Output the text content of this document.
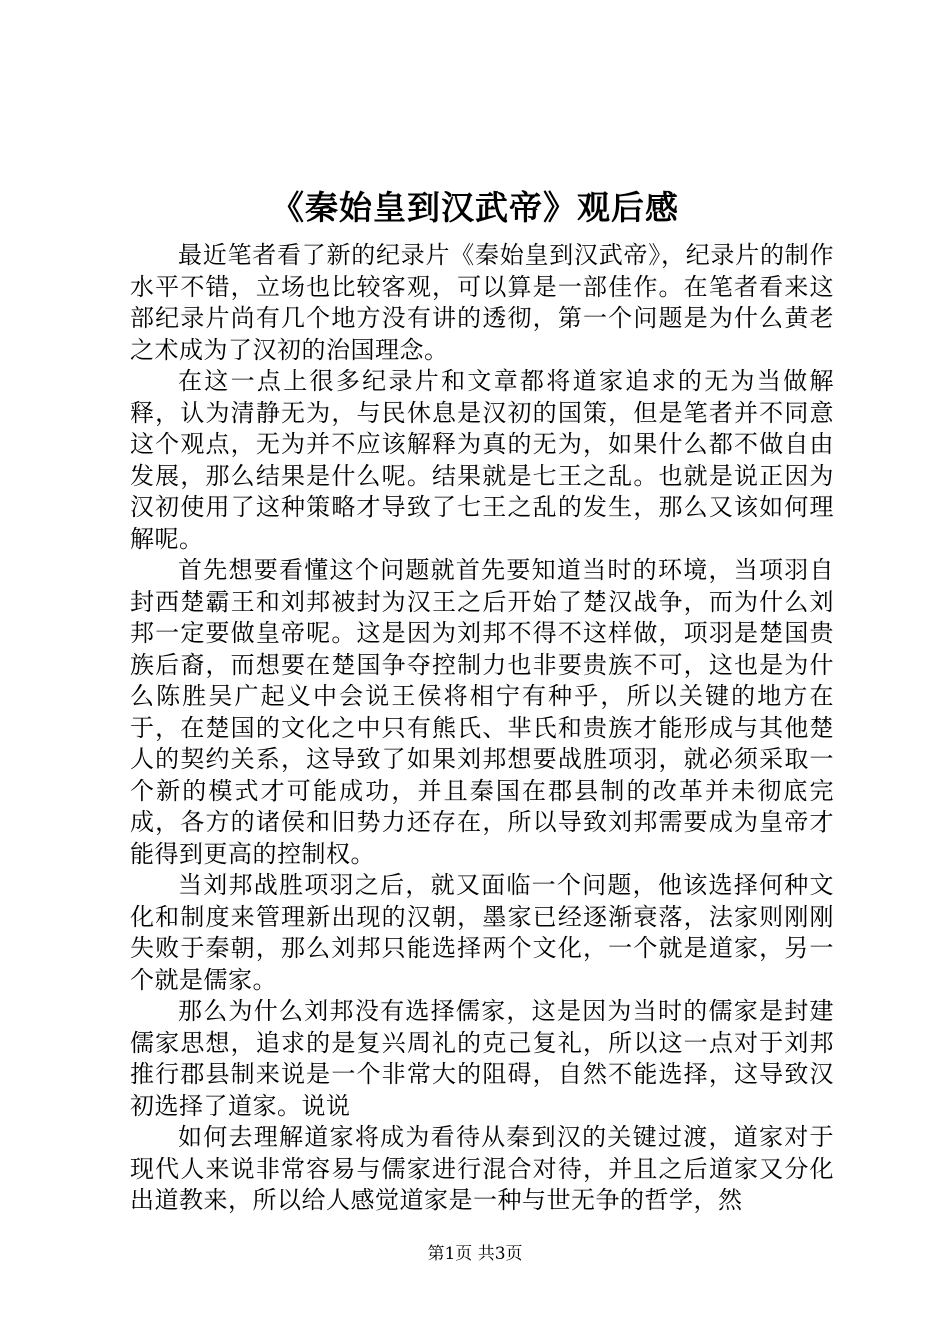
《秦始皇到汉武帝》观后感

最近笔者看了新的纪录片《秦始皇到汉武帝》，纪录片的制作水平不错，立场也比较客观，可以算是一部佳作。在笔者看来这部纪录片尚有几个地方没有讲的透彻，第一个问题是为什么黄老之术成为了汉初的治国理念。

在这一点上很多纪录片和文章都将道家追求的无为当做解释，认为清静无为，与民休息是汉初的国策，但是笔者并不同意这个观点，无为并不应该解释为真的无为，如果什么都不做自由发展，那么结果是什么呢。结果就是七王之乱。也就是说正因为汉初使用了这种策略才导致了七王之乱的发生，那么又该如何理解呢。

首先想要看懂这个问题就首先要知道当时的环境，当项羽自封西楚霸王和刘邦被封为汉王之后开始了楚汉战争，而为什么刘邦一定要做皇帝呢。这是因为刘邦不得不这样做，项羽是楚国贵族后裔，而想要在楚国争夺控制力也非要贵族不可，这也是为什么陈胜吴广起义中会说王侯将相宁有种乎，所以关键的地方在于，在楚国的文化之中只有熊氏、芈氏和贵族才能形成与其他楚人的契约关系，这导致了如果刘邦想要战胜项羽，就必须采取一个新的模式才可能成功，并且秦国在郡县制的改革并未彻底完成，各方的诸侯和旧势力还存在，所以导致刘邦需要成为皇帝才能得到更高的控制权。

当刘邦战胜项羽之后，就又面临一个问题，他该选择何种文化和制度来管理新出现的汉朝，墨家已经逐渐衰落，法家则刚刚失败于秦朝，那么刘邦只能选择两个文化，一个就是道家，另一个就是儒家。

那么为什么刘邦没有选择儒家，这是因为当时的儒家是封建儒家思想，追求的是复兴周礼的克己复礼，所以这一点对于刘邦推行郡县制来说是一个非常大的阻碍，自然不能选择，这导致汉初选择了道家。说说

如何去理解道家将成为看待从秦到汉的关键过渡，道家对于现代人来说非常容易与儒家进行混合对待，并且之后道家又分化出道教来，所以给人感觉道家是一种与世无争的哲学，然

第1页 共3页
